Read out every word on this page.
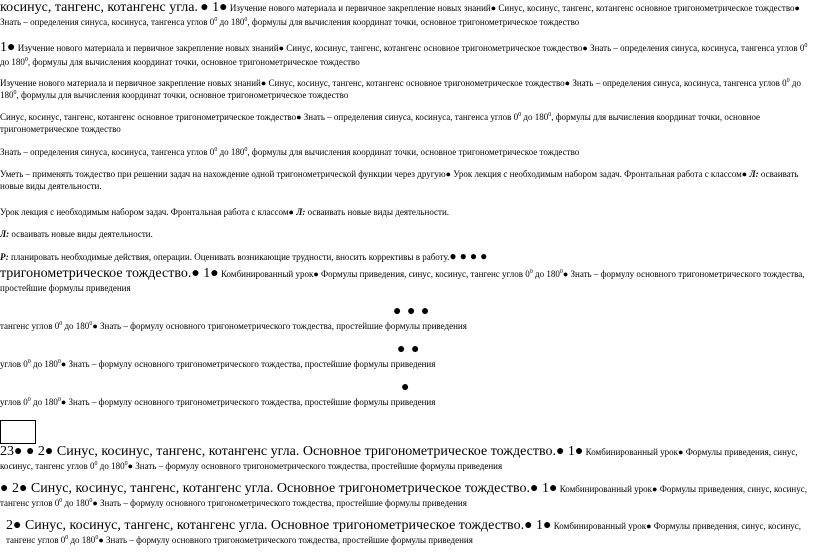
косинус, тангенс, котангенс угла. ● 1● Изучение нового материала и первичное закрепление новых знаний● Синус, косинус, тангенс, котангенс основное тригонометрическое тождество● Знать – определения синуса, косинуса, тангенса углов $0^0$ до $180^0$, формулы для вычисления координат точки, основное тригонометрическое тождество

1● Изучение нового материала и первичное закрепление новых знаний● Синус, косинус, тангенс, котангенс основное тригонометрическое тождество● Знать – определения синуса, косинуса, тангенса углов $0^0$ до $180^0$, формулы для вычисления координат точки, основное тригонометрическое тождество

Изучение нового материала и первичное закрепление новых знаний● Синус, косинус, тангенс, котангенс основное тригонометрическое тождество● Знать – определения синуса, косинуса, тангенса углов $0^0$ до $180^0$, формулы для вычисления координат точки, основное тригонометрическое тождество

Синус, косинус, тангенс, котангенс основное тригонометрическое тождество● Знать – определения синуса, косинуса, тангенса углов $0^0$ до $180^0$, формулы для вычисления координат точки, основное тригонометрическое тождество

Знать – определения синуса, косинуса, тангенса углов $0^0$ до $180^0$, формулы для вычисления координат точки, основное тригонометрическое тождество

Уметь – применять тождество при решении задач на нахождение одной тригонометрической функции через другую● Урок лекция с необходимым набором задач. Фронтальная работа с классом● Л: осваивать новые виды деятельности.

Урок лекция с необходимым набором задач. Фронтальная работа с классом● Л: осваивать новые виды деятельности.

Л: осваивать новые виды деятельности.

Р: планировать необходимые действия, операции. Оценивать возникающие трудности, вносить коррективы в работу.● ● ● ●

тригонометрическое тождество.● 1● Комбинированный урок● Формулы приведения, синус, косинус, тангенс углов $0^0$ до $180^0●$ Знать – формулу основного тригонометрического тождества, простейшие формулы приведения

● ● ●

тангенс углов $0^0$ до $180^0●$ Знать – формулу основного тригонометрического тождества, простейшие формулы приведения

● ●

углов $0^0$ до $180^0●$ Знать – формулу основного тригонометрического тождества, простейшие формулы приведения

●

углов $0^0$ до $180^0●$ Знать – формулу основного тригонометрического тождества, простейшие формулы приведения

23● ● 2● Синус, косинус, тангенс, котангенс угла. Основное тригонометрическое тождество.● 1● Комбинированный урок● Формулы приведения, синус, косинус, тангенс углов $0^0$ до $180^0●$ Знать – формулу основного тригонометрического тождества, простейшие формулы приведения

● 2● Синус, косинус, тангенс, котангенс угла. Основное тригонометрическое тождество.● 1● Комбинированный урок● Формулы приведения, синус, косинус, тангенс углов $0^0$ до $180^0●$ Знать – формулу основного тригонометрического тождества, простейшие формулы приведения

2● Синус, косинус, тангенс, котангенс угла. Основное тригонометрическое тождество.● 1● Комбинированный урок● Формулы приведения, синус, косинус, тангенс углов $0^0$ до $180^0●$ Знать – формулу основного тригонометрического тождества, простейшие формулы приведения
